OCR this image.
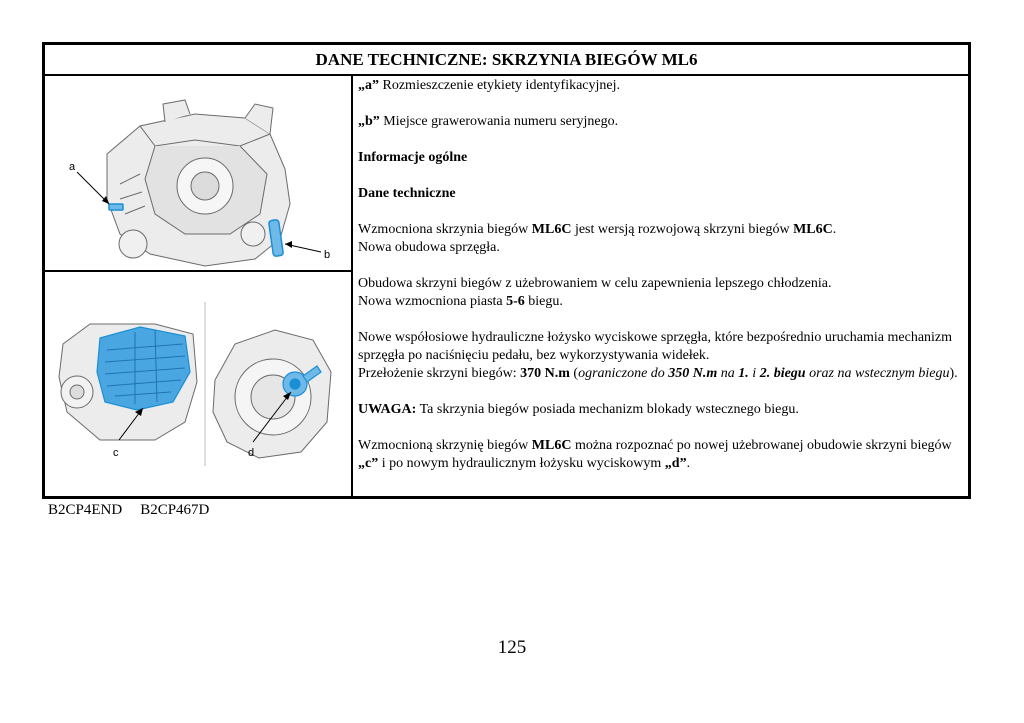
DANE TECHNICZNE: SKRZYNIA BIEGÓW ML6
a
b
c	d

„a” Rozmieszczenie etykiety identyfikacyjnej.

„b” Miejsce grawerowania numeru seryjnego.

Informacje ogólne

Dane techniczne

Wzmocniona skrzynia biegów ML6C jest wersją rozwojową skrzyni biegów ML6C.

Nowa obudowa sprzęgła.

Obudowa skrzyni biegów z użebrowaniem w celu zapewnienia lepszego chłodzenia.

Nowa wzmocniona piasta 5-6 biegu.

Nowe współosiowe hydrauliczne łożysko wyciskowe sprzęgła, które bezpośrednio uruchamia mechanizm sprzęgła po naciśnięciu pedału, bez wykorzystywania widełek.

Przełożenie skrzyni biegów: 370 N.m (ograniczone do 350 N.m na 1. i 2. biegu oraz na wstecznym biegu).

UWAGA: Ta skrzynia biegów posiada mechanizm blokady wstecznego biegu.

Wzmocnioną skrzynię biegów ML6C można rozpoznać po nowej użebrowanej obudowie skrzyni biegów „c” i po nowym hydraulicznym łożysku wyciskowym „d”.

B2CP4END B2CP467D
125
